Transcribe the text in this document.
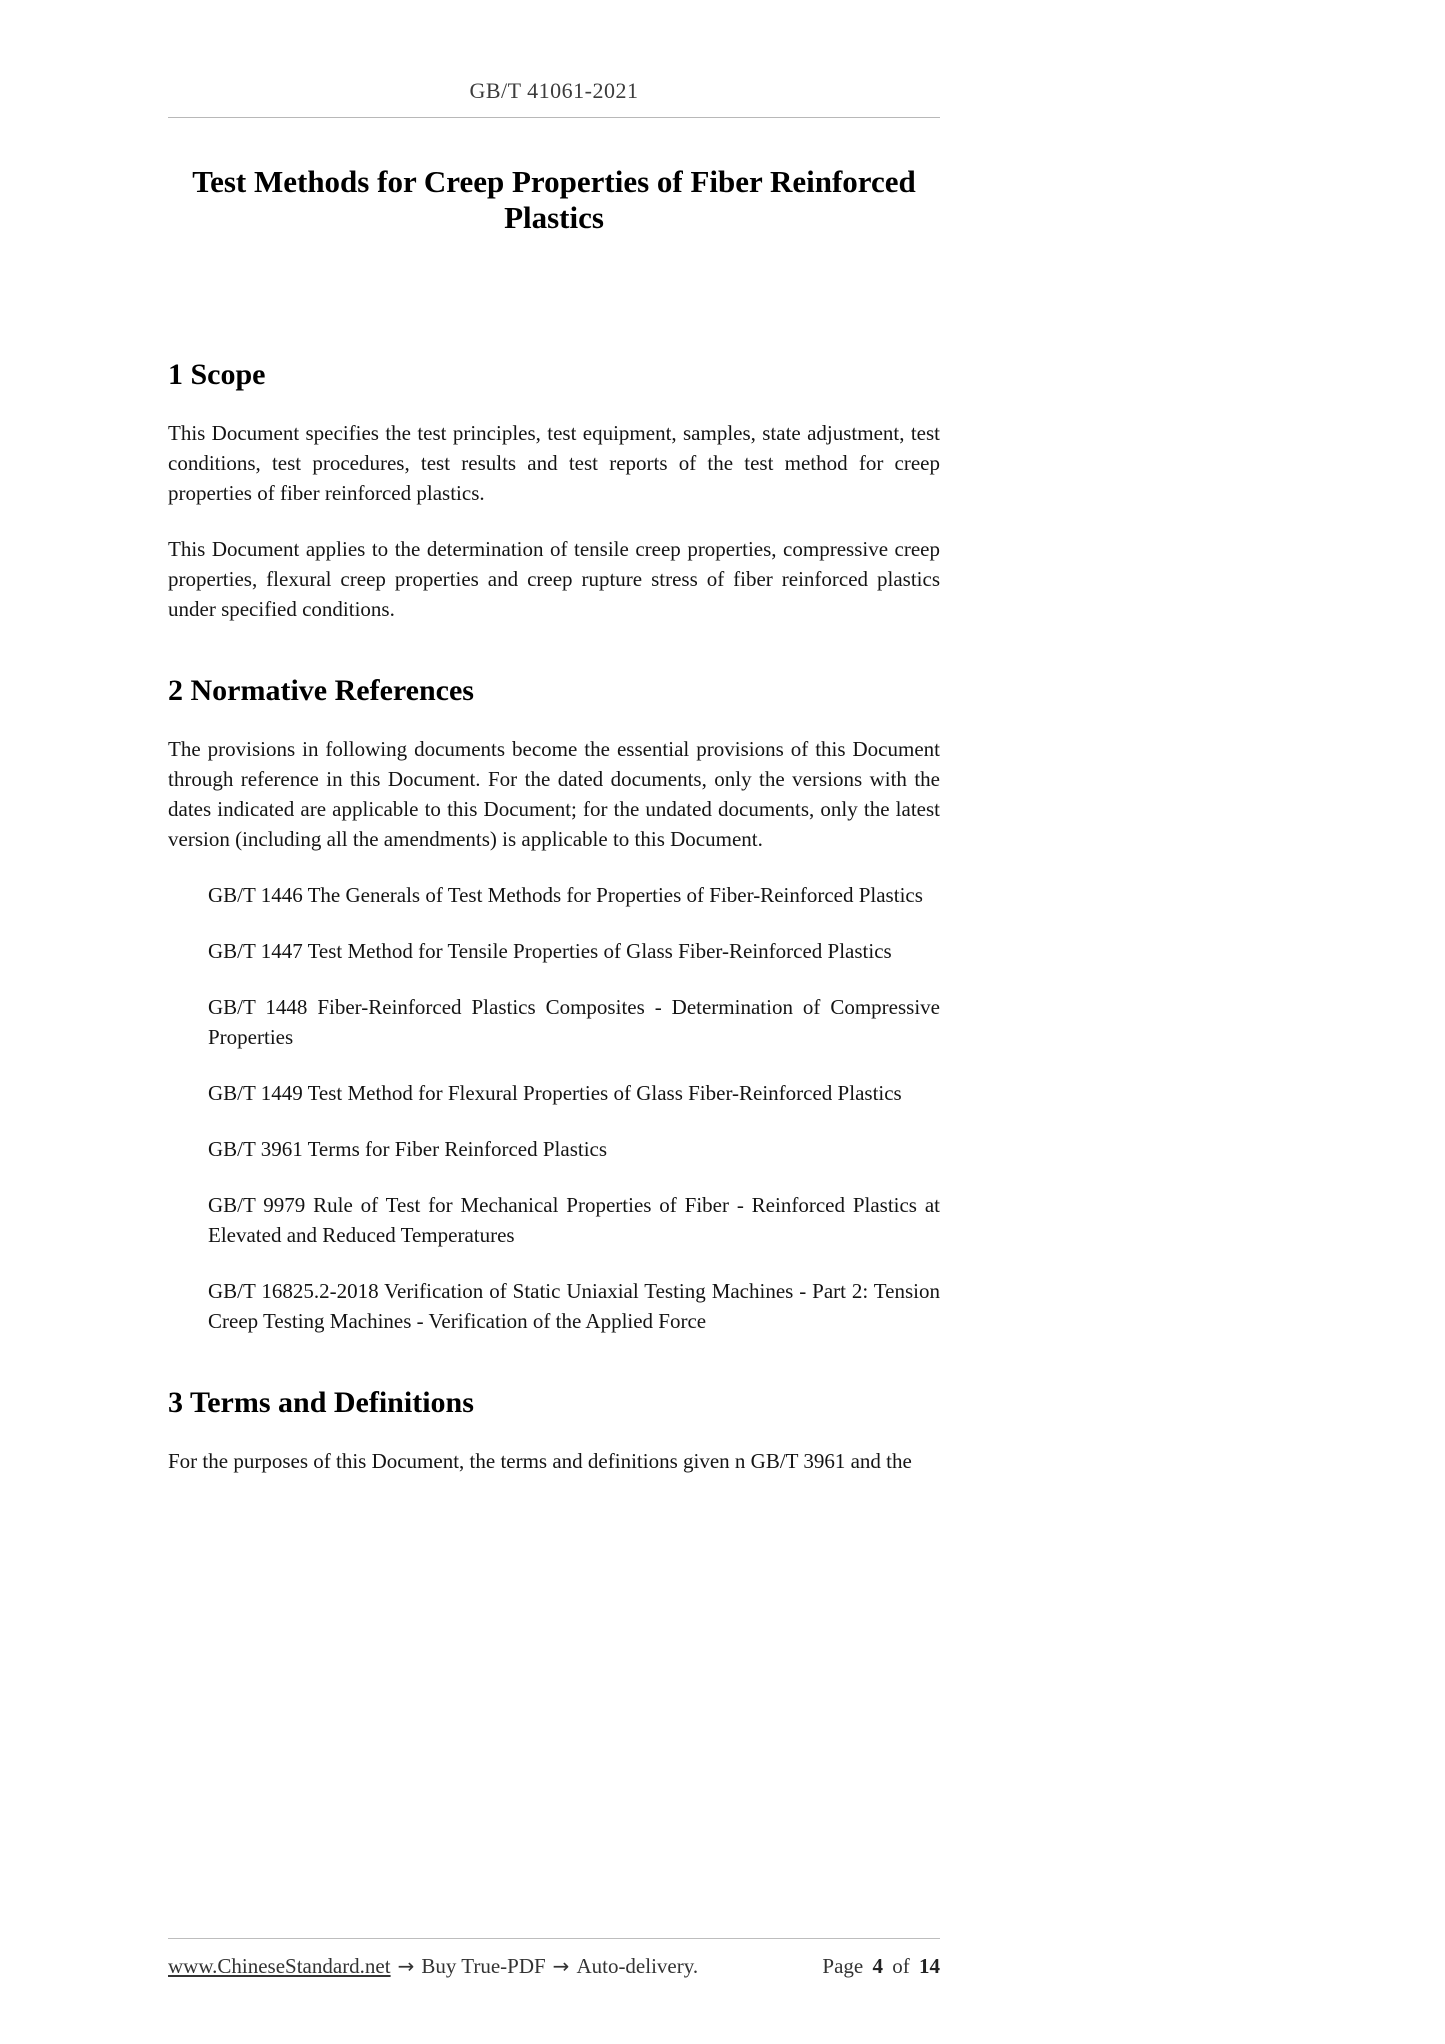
GB/T 41061-2021
Test Methods for Creep Properties of Fiber Reinforced Plastics
1 Scope

This Document specifies the test principles, test equipment, samples, state adjustment, test conditions, test procedures, test results and test reports of the test method for creep properties of fiber reinforced plastics.

This Document applies to the determination of tensile creep properties, compressive creep properties, flexural creep properties and creep rupture stress of fiber reinforced plastics under specified conditions.

2 Normative References

The provisions in following documents become the essential provisions of this Document through reference in this Document. For the dated documents, only the versions with the dates indicated are applicable to this Document; for the undated documents, only the latest version (including all the amendments) is applicable to this Document.

GB/T 1446 The Generals of Test Methods for Properties of Fiber-Reinforced Plastics

GB/T 1447 Test Method for Tensile Properties of Glass Fiber-Reinforced Plastics

GB/T 1448 Fiber-Reinforced Plastics Composites - Determination of Compressive Properties

GB/T 1449 Test Method for Flexural Properties of Glass Fiber-Reinforced Plastics

GB/T 3961 Terms for Fiber Reinforced Plastics

GB/T 9979 Rule of Test for Mechanical Properties of Fiber - Reinforced Plastics at Elevated and Reduced Temperatures

GB/T 16825.2-2018 Verification of Static Uniaxial Testing Machines - Part 2: Tension Creep Testing Machines - Verification of the Applied Force

3 Terms and Definitions

For the purposes of this Document, the terms and definitions given n GB/T 3961 and the

www.ChineseStandard.net → Buy True-PDF → Auto-delivery.	Page 4 of 14
